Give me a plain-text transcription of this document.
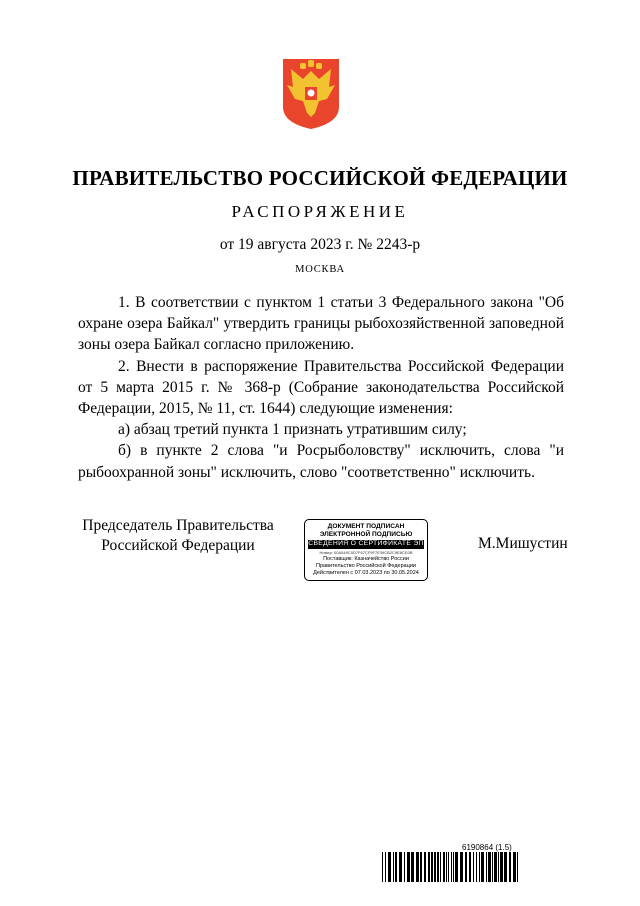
ПРАВИТЕЛЬСТВО РОССИЙСКОЙ ФЕДЕРАЦИИ
РАСПОРЯЖЕНИЕ
от 19 августа 2023 г. № 2243-р
МОСКВА

1. В соответствии с пунктом 1 статьи 3 Федерального закона "Об охране озера Байкал" утвердить границы рыбохозяйственной заповедной зоны озера Байкал согласно приложению.

2. Внести в распоряжение Правительства Российской Федерации от 5 марта 2015 г. № 368-р (Собрание законодательства Российской Федерации, 2015, № 11, ст. 1644) следующие изменения:

а) абзац третий пункта 1 признать утратившим силу;

б) в пункте 2 слова "и Росрыболовству" исключить, слова "и рыбоохранной зоны" исключить, слово "соответственно" исключить.

Председатель Правительства
Российской Федерации	М.Мишустин
ДОКУМЕНТ ПОДПИСАН
ЭЛЕКТРОННОЙ ПОДПИСЬЮ
СВЕДЕНИЯ О СЕРТИФИКАТЕ ЭП
Номер: 00A549C0D7F67CF9F7E39CB2C9E8CE0B
Поставщик: Казначейство России
Правительство Российской Федерации
Действителен с 07.03.2023 по 30.05.2024
6190864 (1.5)
